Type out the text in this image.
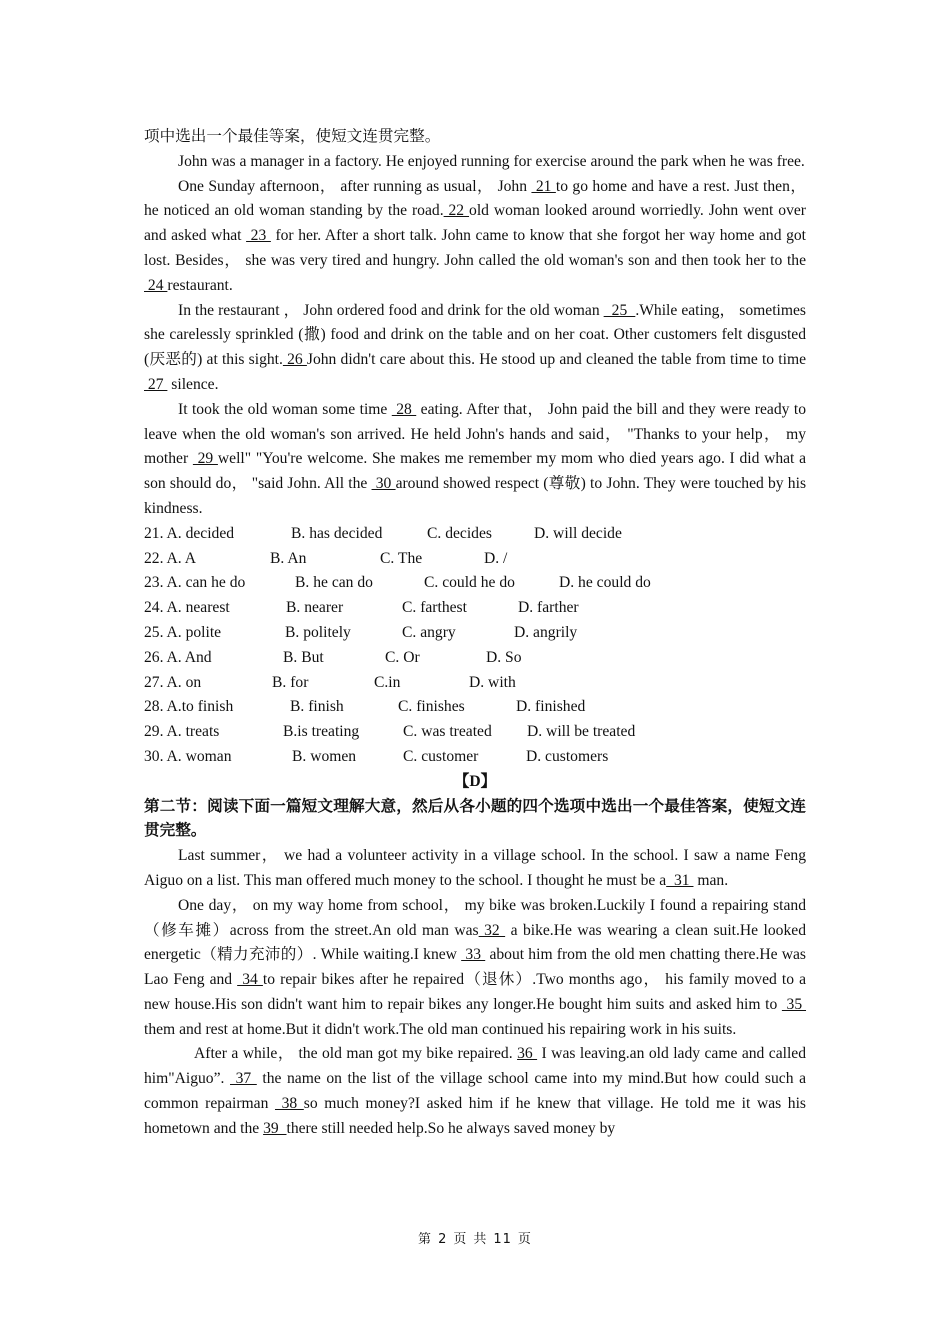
项中选出一个最佳等案，使短文连贯完整。

John was a manager in a factory. He enjoyed running for exercise around the park when he was free.

One Sunday afternoon， after running as usual， John  21 to go home and have a rest. Just then， he noticed an old woman standing by the road. 22 old woman looked around worriedly. John went over and asked what  23  for her. After a short talk. John came to know that she forgot her way home and got lost. Besides， she was very tired and hungry. John called the old woman's son and then took her to the  24 restaurant.

In the restaurant ， John ordered food and drink for the old woman   25  .While eating， sometimes she carelessly sprinkled (撒) food and drink on the table and on her coat. Other customers felt disgusted (厌恶的) at this sight. 26 John didn't care about this. He stood up and cleaned the table from time to time  27  silence.

It took the old woman some time  28  eating. After that， John paid the bill and they were ready to leave when the old woman's son arrived. He held John's hands and said， "Thanks to your help， my mother  29 well" "You're welcome. She makes me remember my mom who died years ago. I did what a son should do， "said John. All the  30 around showed respect (尊敬) to John. They were touched by his kindness.

21. A. decided	B. has decided	C. decides	D. will decide
22. A. A	B. An	C. The	D. /
23. A. can he do	B. he can do	C. could he do	D. he could do
24. A. nearest	B. nearer	C. farthest	D. farther
25. A. polite	B. politely	C. angry	D. angrily
26. A. And	B. But	C. Or	D. So
27. A. on	B. for	C.in	D. with
28. A.to finish	B. finish	C. finishes	D. finished
29. A. treats	B.is treating	C. was treated	D. will be treated
30. A. woman	B. women	C. customer	D. customers

【D】

第二节：阅读下面一篇短文理解大意，然后从各小题的四个选项中选出一个最佳答案，使短文连贯完整。

Last summer， we had a volunteer activity in a village school. In the school. I saw a name Feng Aiguo on a list. This man offered much money to the school. I thought he must be a  31  man.

One day， on my way home from school， my bike was broken.Luckily I found a repairing stand（修车摊）across from the street.An old man was 32  a bike.He was wearing a clean suit.He looked energetic（精力充沛的）. While waiting.I knew  33  about him from the old men chatting there.He was Lao Feng and  34 to repair bikes after he repaired（退休）.Two months ago， his family moved to a new house.His son didn't want him to repair bikes any longer.He bought him suits and asked him to  35  them and rest at home.But it didn't work.The old man continued his repairing work in his suits.

After a while， the old man got my bike repaired. 36  I was leaving.an old lady came and called him"Aiguo”.  37  the name on the list of the village school came into my mind.But how could such a common repairman  38 so much money?I asked him if he knew that village. He told me it was his hometown and the 39  there still needed help.So he always saved money by

第 2 页 共 11 页
